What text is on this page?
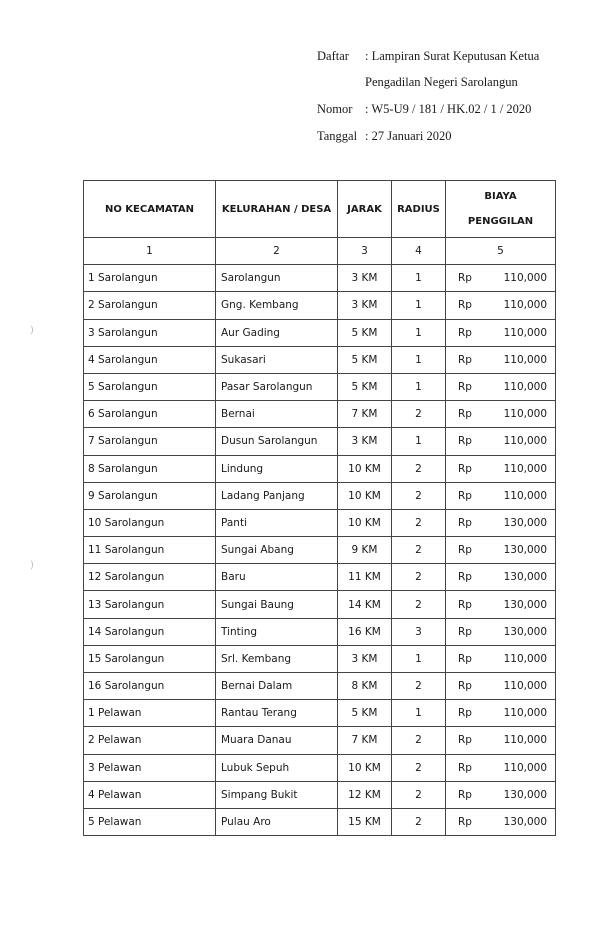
)
)
Daftar : Lampiran Surat Keputusan Ketua
Pengadilan Negeri Sarolangun
Nomor : W5-U9 / 181 / HK.02 / 1 / 2020
Tanggal : 27 Januari 2020
NO KECAMATAN	KELURAHAN / DESA	JARAK	RADIUS	BIAYA
PENGGILAN

1	2	3	4	5
1 Sarolangun	Sarolangun	3 KM	1	Rp 110,000

2 Sarolangun	Gng. Kembang	3 KM	1	Rp 110,000

3 Sarolangun	Aur Gading	5 KM	1	Rp 110,000

4 Sarolangun	Sukasari	5 KM	1	Rp 110,000

5 Sarolangun	Pasar Sarolangun	5 KM	1	Rp 110,000

6 Sarolangun	Bernai	7 KM	2	Rp 110,000

7 Sarolangun	Dusun Sarolangun	3 KM	1	Rp 110,000

8 Sarolangun	Lindung	10 KM	2	Rp 110,000

9 Sarolangun	Ladang Panjang	10 KM	2	Rp 110,000

10 Sarolangun	Panti	10 KM	2	Rp 130,000

11 Sarolangun	Sungai Abang	9 KM	2	Rp 130,000

12 Sarolangun	Baru	11 KM	2	Rp 130,000

13 Sarolangun	Sungai Baung	14 KM	2	Rp 130,000

14 Sarolangun	Tinting	16 KM	3	Rp 130,000

15 Sarolangun	Srl. Kembang	3 KM	1	Rp 110,000

16 Sarolangun	Bernai Dalam	8 KM	2	Rp 110,000

1 Pelawan	Rantau Terang	5 KM	1	Rp 110,000

2 Pelawan	Muara Danau	7 KM	2	Rp 110,000

3 Pelawan	Lubuk Sepuh	10 KM	2	Rp 110,000

4 Pelawan	Simpang Bukit	12 KM	2	Rp 130,000

5 Pelawan	Pulau Aro	15 KM	2	Rp 130,000
